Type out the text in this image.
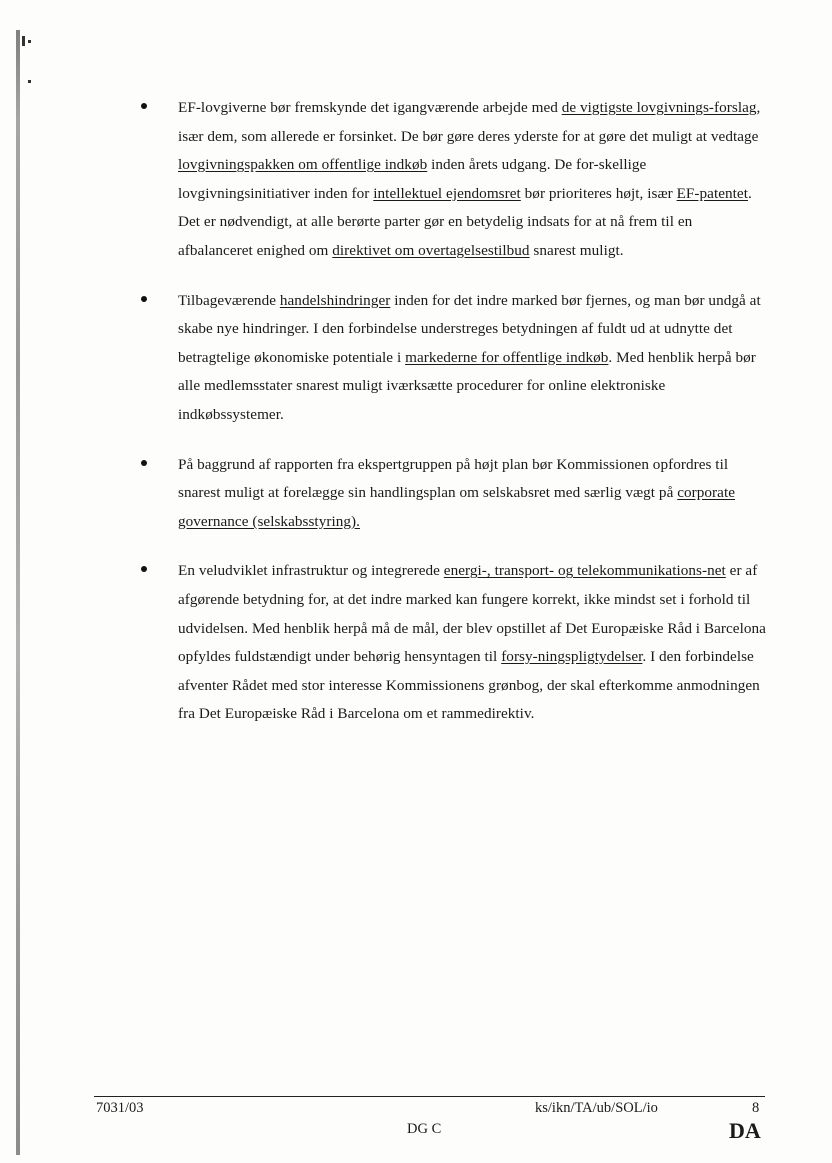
EF-lovgiverne bør fremskynde det igangværende arbejde med de vigtigste lovgivnings-forslag, især dem, som allerede er forsinket. De bør gøre deres yderste for at gøre det muligt at vedtage lovgivningspakken om offentlige indkøb inden årets udgang. De for-skellige lovgivningsinitiativer inden for intellektuel ejendomsret bør prioriteres højt, især EF-patentet. Det er nødvendigt, at alle berørte parter gør en betydelig indsats for at nå frem til en afbalanceret enighed om direktivet om overtagelsestilbud snarest muligt.

Tilbageværende handelshindringer inden for det indre marked bør fjernes, og man bør undgå at skabe nye hindringer. I den forbindelse understreges betydningen af fuldt ud at udnytte det betragtelige økonomiske potentiale i markederne for offentlige indkøb. Med henblik herpå bør alle medlemsstater snarest muligt iværksætte procedurer for online elektroniske indkøbssystemer.

På baggrund af rapporten fra ekspertgruppen på højt plan bør Kommissionen opfordres til snarest muligt at forelægge sin handlingsplan om selskabsret med særlig vægt på corporate governance (selskabsstyring).

En veludviklet infrastruktur og integrerede energi-, transport- og telekommunikations-net er af afgørende betydning for, at det indre marked kan fungere korrekt, ikke mindst set i forhold til udvidelsen. Med henblik herpå må de mål, der blev opstillet af Det Europæiske Råd i Barcelona opfyldes fuldstændigt under behørig hensyntagen til forsy-ningspligtydelser. I den forbindelse afventer Rådet med stor interesse Kommissionens grønbog, der skal efterkomme anmodningen fra Det Europæiske Råd i Barcelona om et rammedirektiv.

7031/03	ks/ikn/TA/ub/SOL/io	8
DG C	DA
